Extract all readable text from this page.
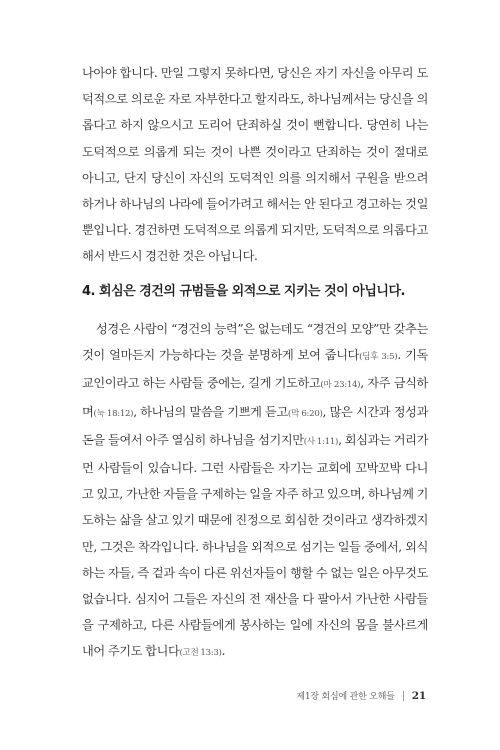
나아야 합니다. 만일 그렇지 못하다면, 당신은 자기 자신을 아무리 도덕적으로 의로운 자로 자부한다고 할지라도, 하나님께서는 당신을 의롭다고 하지 않으시고 도리어 단죄하실 것이 뻔합니다. 당연히 나는 도덕적으로 의롭게 되는 것이 나쁜 것이라고 단죄하는 것이 절대로 아니고, 단지 당신이 자신의 도덕적인 의를 의지해서 구원을 받으려 하거나 하나님의 나라에 들어가려고 해서는 안 된다고 경고하는 것일 뿐입니다. 경건하면 도덕적으로 의롭게 되지만, 도덕적으로 의롭다고 해서 반드시 경건한 것은 아닙니다.

4. 회심은 경건의 규범들을 외적으로 지키는 것이 아닙니다.

성경은 사람이 “경건의 능력”은 없는데도 “경건의 모양”만 갖추는 것이 얼마든지 가능하다는 것을 분명하게 보여 줍니다(딤후 3:5). 기독교인이라고 하는 사람들 중에는, 길게 기도하고(마 23:14), 자주 금식하며(눅 18:12), 하나님의 말씀을 기쁘게 듣고(막 6:20), 많은 시간과 정성과 돈을 들여서 아주 열심히 하나님을 섬기지만(사 1:11), 회심과는 거리가 먼 사람들이 있습니다. 그런 사람들은 자기는 교회에 꼬박꼬박 다니고 있고, 가난한 자들을 구제하는 일을 자주 하고 있으며, 하나님께 기도하는 삶을 살고 있기 때문에 진정으로 회심한 것이라고 생각하겠지만, 그것은 착각입니다. 하나님을 외적으로 섬기는 일들 중에서, 외식하는 자들, 즉 겉과 속이 다른 위선자들이 행할 수 없는 일은 아무것도 없습니다. 심지어 그들은 자신의 전 재산을 다 팔아서 가난한 사람들을 구제하고, 다른 사람들에게 봉사하는 일에 자신의 몸을 불사르게 내어 주기도 합니다(고전 13:3).

제1장 회심에 관한 오해들 21
